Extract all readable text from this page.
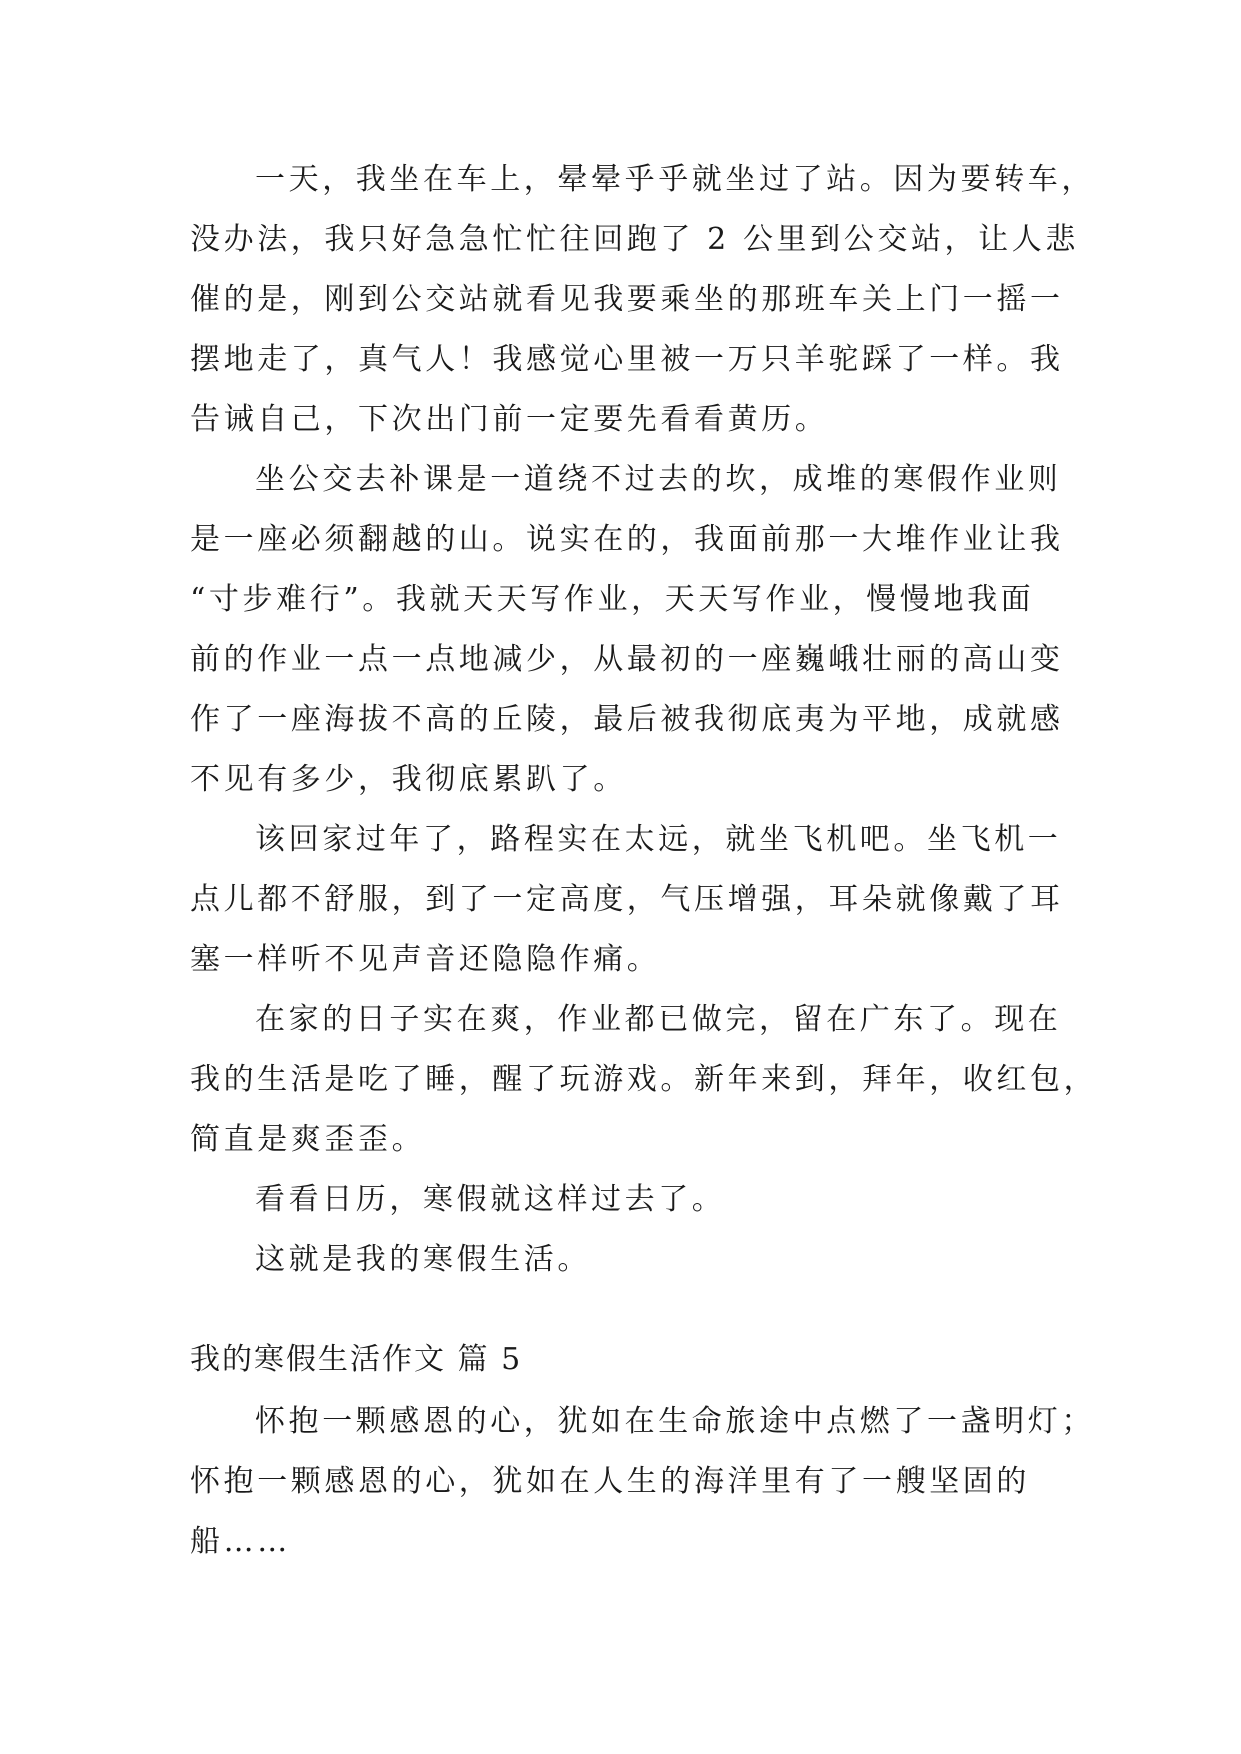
一天，我坐在车上，晕晕乎乎就坐过了站。因为要转车，
没办法，我只好急急忙忙往回跑了 2 公里到公交站，让人悲
催的是，刚到公交站就看见我要乘坐的那班车关上门一摇一
摆地走了，真气人！我感觉心里被一万只羊驼踩了一样。我
告诫自己，下次出门前一定要先看看黄历。
坐公交去补课是一道绕不过去的坎，成堆的寒假作业则
是一座必须翻越的山。说实在的，我面前那一大堆作业让我
“寸步难行”。我就天天写作业，天天写作业，慢慢地我面
前的作业一点一点地减少，从最初的一座巍峨壮丽的高山变
作了一座海拔不高的丘陵，最后被我彻底夷为平地，成就感
不见有多少，我彻底累趴了。
该回家过年了，路程实在太远，就坐飞机吧。坐飞机一
点儿都不舒服，到了一定高度，气压增强，耳朵就像戴了耳
塞一样听不见声音还隐隐作痛。
在家的日子实在爽，作业都已做完，留在广东了。现在
我的生活是吃了睡，醒了玩游戏。新年来到，拜年，收红包，
简直是爽歪歪。
看看日历，寒假就这样过去了。
这就是我的寒假生活。
我的寒假生活作文 篇 5
怀抱一颗感恩的心，犹如在生命旅途中点燃了一盏明灯；
怀抱一颗感恩的心，犹如在人生的海洋里有了一艘坚固的
船……
